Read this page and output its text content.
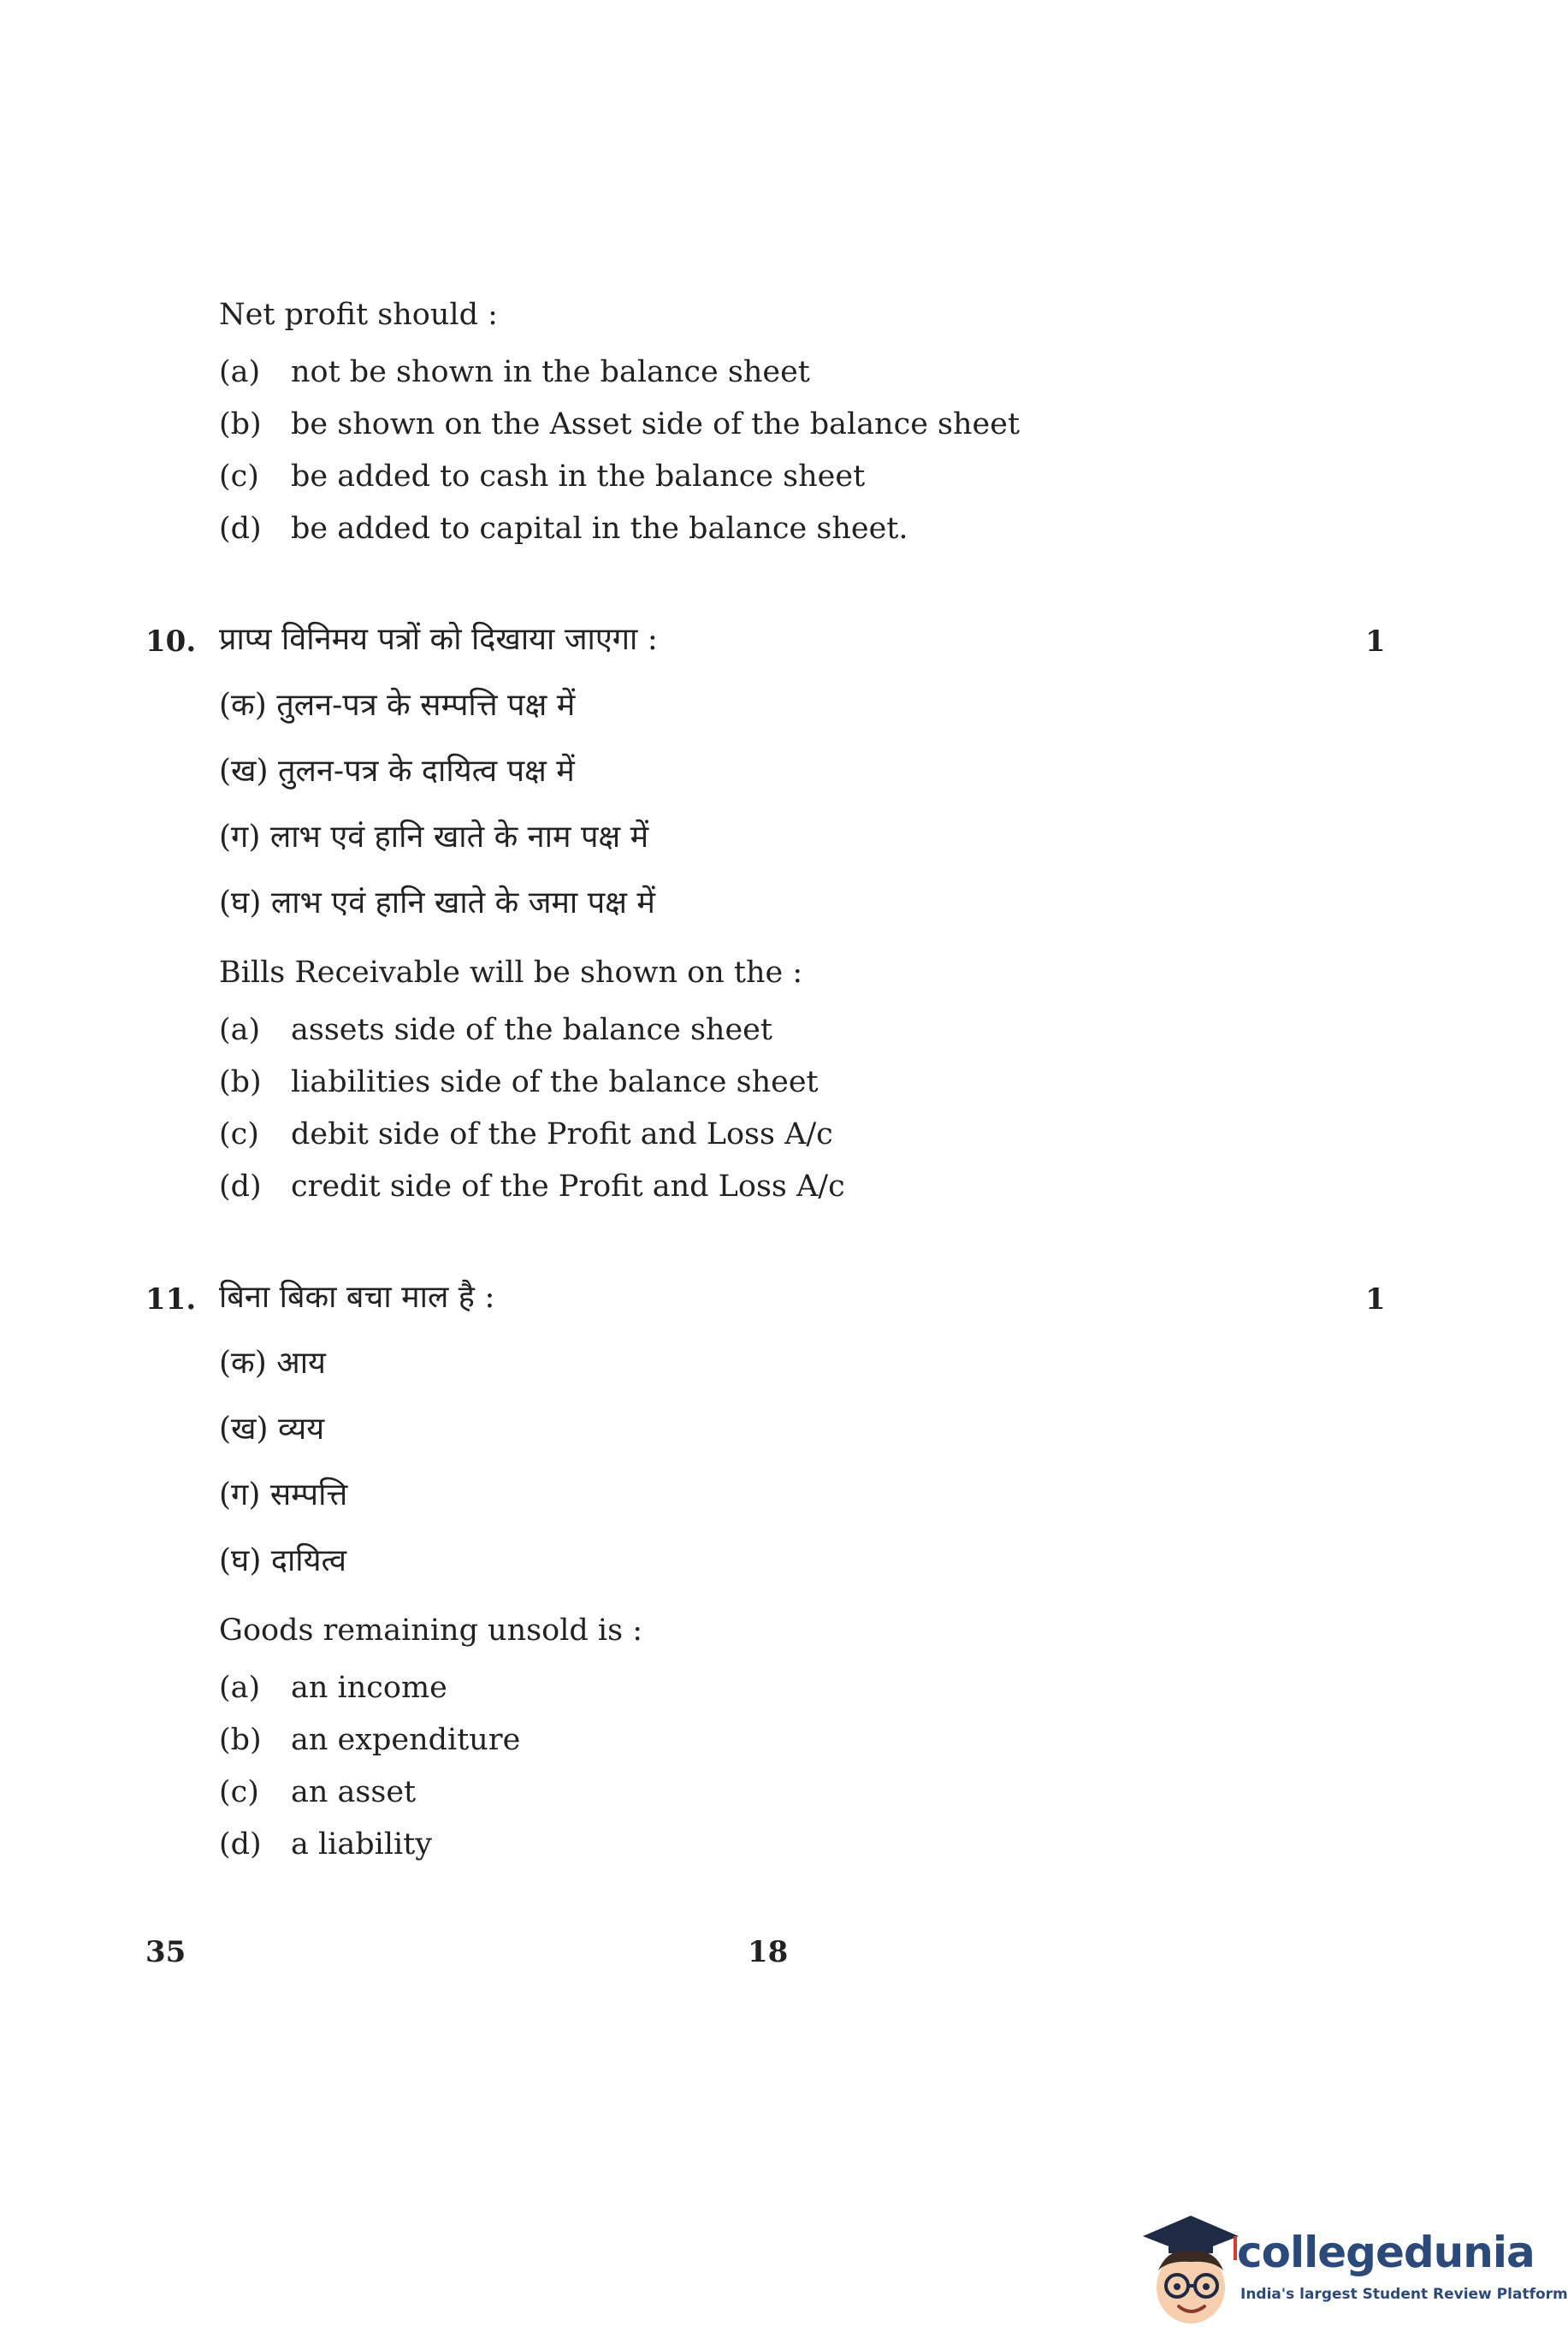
Net profit should :
(a) not be shown in the balance sheet
(b) be shown on the Asset side of the balance sheet
(c) be added to cash in the balance sheet
(d) be added to capital in the balance sheet.
10. प्राप्य विनिमय पत्रों को दिखाया जाएगा :	1
(क) तुलन-पत्र के सम्पत्ति पक्ष में
(ख) तुलन-पत्र के दायित्व पक्ष में
(ग) लाभ एवं हानि खाते के नाम पक्ष में
(घ) लाभ एवं हानि खाते के जमा पक्ष में
Bills Receivable will be shown on the :
(a) assets side of the balance sheet
(b) liabilities side of the balance sheet
(c) debit side of the Profit and Loss A/c
(d) credit side of the Profit and Loss A/c
11. बिना बिका बचा माल है :	1
(क) आय
(ख) व्यय
(ग) सम्पत्ति
(घ) दायित्व
Goods remaining unsold is :
(a) an income
(b) an expenditure
(c) an asset
(d) a liability
35	18
collegedunia
India's largest Student Review Platform
